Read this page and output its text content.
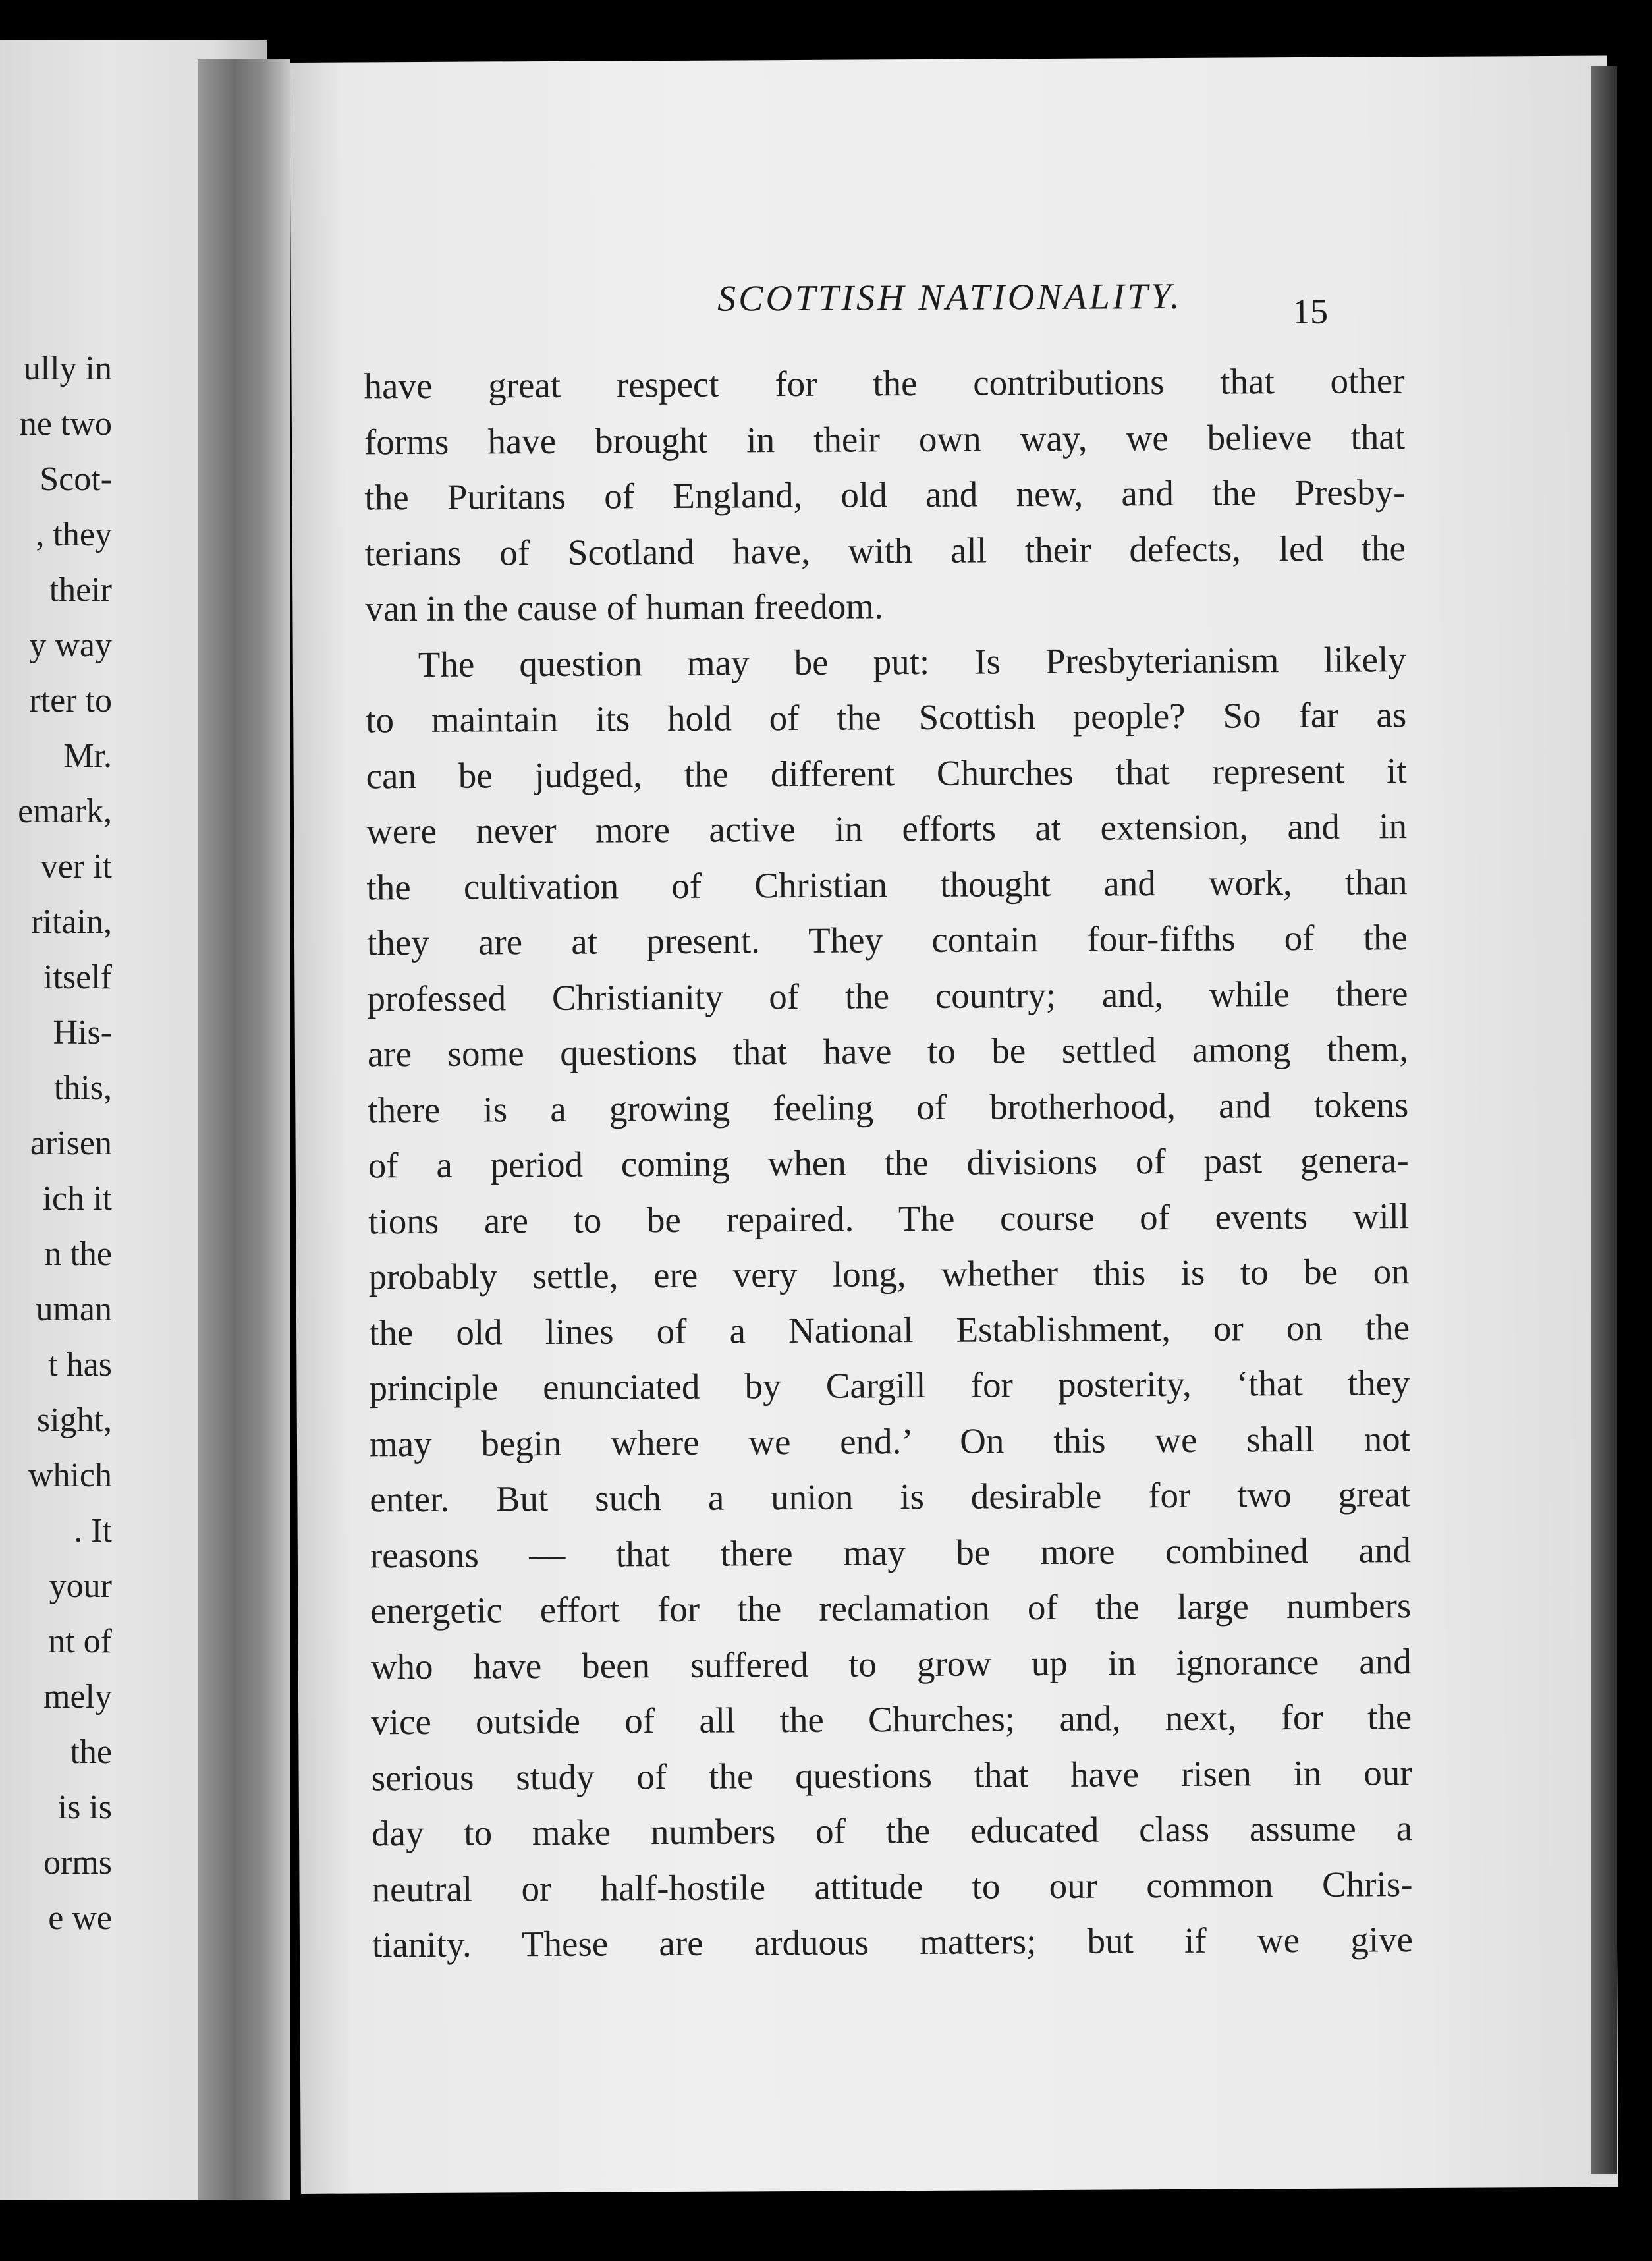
ully in
ne two
Scot-
, they
their
y way
rter to
Mr.
emark,
ver it
ritain,
itself
His-
this,
arisen
ich it
n the
uman
t has
sight,
which
. It
your
nt of
mely
the
is is
orms
e we
SCOTTISH NATIONALITY.	15
have great respect for the contributions that other
forms have brought in their own way, we believe that
the Puritans of England, old and new, and the Presby-
terians of Scotland have, with all their defects, led the
van in the cause of human freedom.
The question may be put: Is Presbyterianism likely
to maintain its hold of the Scottish people? So far as
can be judged, the different Churches that represent it
were never more active in efforts at extension, and in
the cultivation of Christian thought and work, than
they are at present. They contain four-fifths of the
professed Christianity of the country; and, while there
are some questions that have to be settled among them,
there is a growing feeling of brotherhood, and tokens
of a period coming when the divisions of past genera-
tions are to be repaired. The course of events will
probably settle, ere very long, whether this is to be on
the old lines of a National Establishment, or on the
principle enunciated by Cargill for posterity, ‘that they
may begin where we end.’ On this we shall not
enter. But such a union is desirable for two great
reasons — that there may be more combined and
energetic effort for the reclamation of the large numbers
who have been suffered to grow up in ignorance and
vice outside of all the Churches; and, next, for the
serious study of the questions that have risen in our
day to make numbers of the educated class assume a
neutral or half-hostile attitude to our common Chris-
tianity. These are arduous matters; but if we give
